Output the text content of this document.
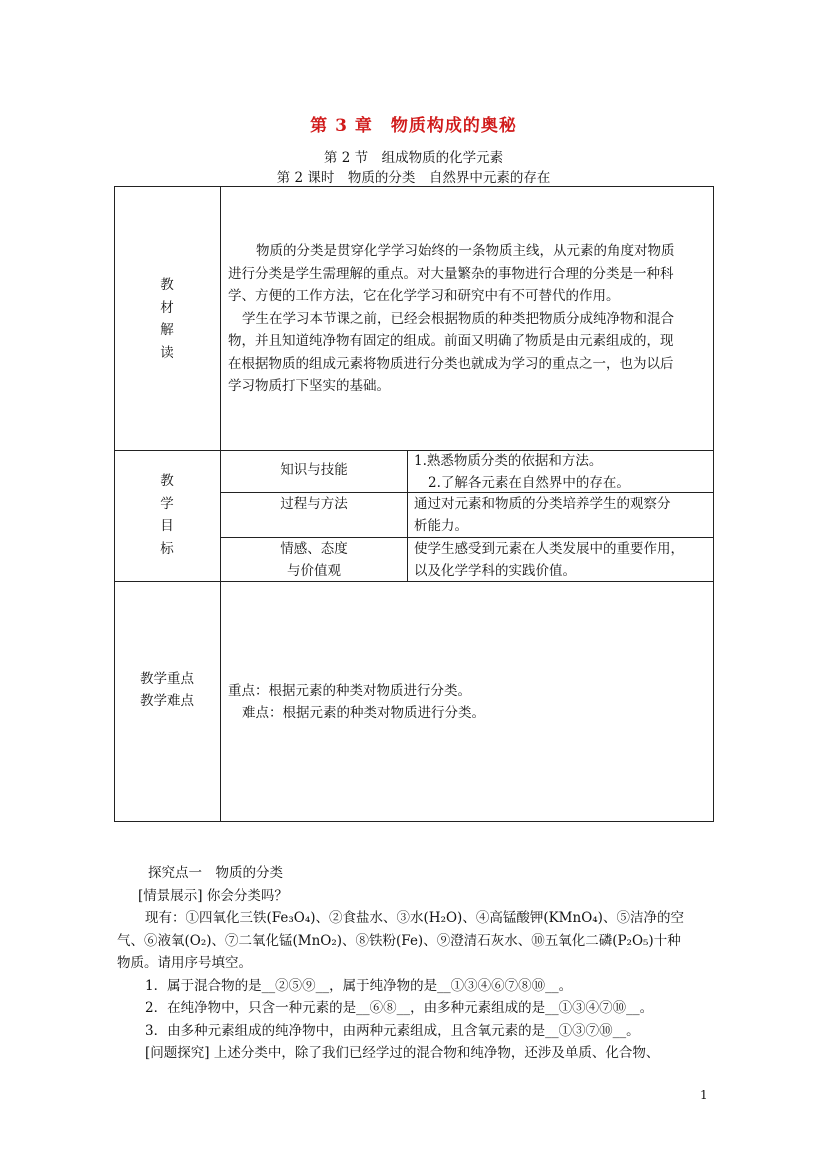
第 3 章　物质构成的奥秘
第 2 节　组成物质的化学元素
第 2 课时　物质的分类　自然界中元素的存在
教
材
解
读
物质的分类是贯穿化学学习始终的一条物质主线，从元素的角度对物质
进行分类是学生需理解的重点。对大量繁杂的事物进行合理的分类是一种科
学、方便的工作方法，它在化学学习和研究中有不可替代的作用。
学生在学习本节课之前，已经会根据物质的种类把物质分成纯净物和混合
物，并且知道纯净物有固定的组成。前面又明确了物质是由元素组成的，现
在根据物质的组成元素将物质进行分类也就成为学习的重点之一，也为以后
学习物质打下坚实的基础。
教
学
目
标
知识与技能
1.熟悉物质分类的依据和方法。
2.了解各元素在自然界中的存在。
过程与方法	通过对元素和物质的分类培养学生的观察分
析能力。
情感、态度
与价值观
使学生感受到元素在人类发展中的重要作用，
以及化学学科的实践价值。
教学重点
教学难点
重点：根据元素的种类对物质进行分类。
难点：根据元素的种类对物质进行分类。
探究点一　物质的分类
[情景展示] 你会分类吗？
现有：①四氧化三铁(Fe₃O₄)、②食盐水、③水(H₂O)、④高锰酸钾(KMnO₄)、⑤洁净的空
气、⑥液氧(O₂)、⑦二氧化锰(MnO₂)、⑧铁粉(Fe)、⑨澄清石灰水、⑩五氧化二磷(P₂O₅)十种
物质。请用序号填空。
1．属于混合物的是__②⑤⑨__，属于纯净物的是__①③④⑥⑦⑧⑩__。
2．在纯净物中，只含一种元素的是__⑥⑧__，由多种元素组成的是__①③④⑦⑩__。
3．由多种元素组成的纯净物中，由两种元素组成，且含氧元素的是__①③⑦⑩__。
[问题探究] 上述分类中，除了我们已经学过的混合物和纯净物，还涉及单质、化合物、
1
